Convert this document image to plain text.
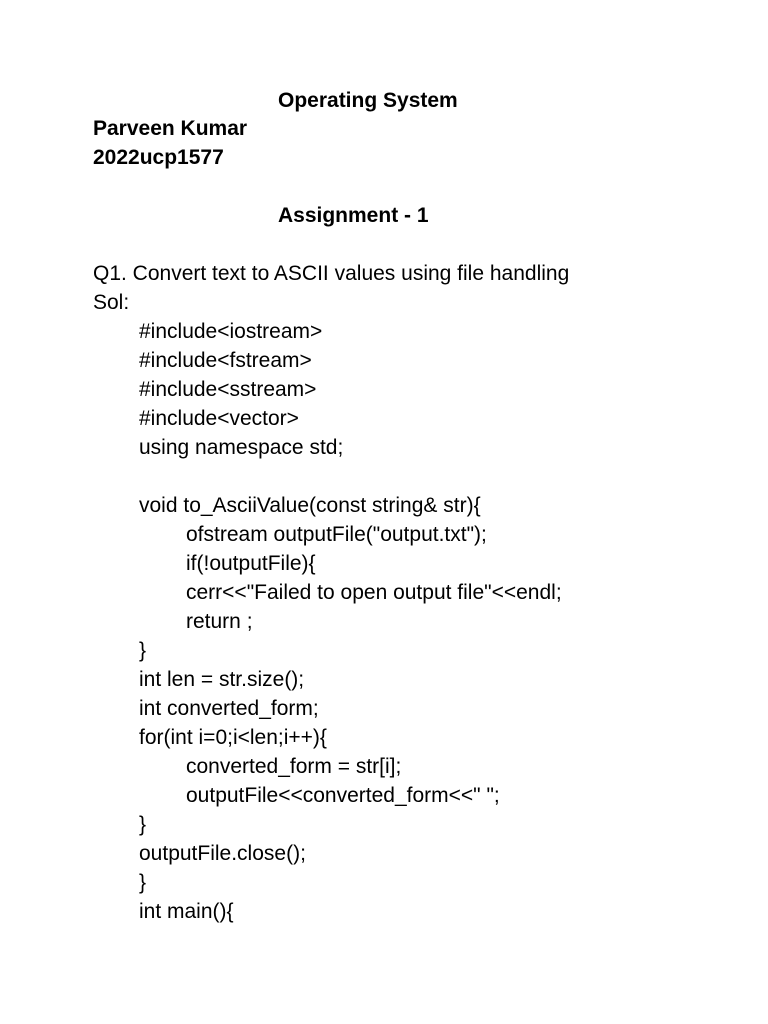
Operating System
Parveen Kumar
2022ucp1577
Assignment - 1
Q1. Convert text to ASCII values using file handling
Sol:
#include<iostream>
#include<fstream>
#include<sstream>
#include<vector>
using namespace std;
void to_AsciiValue(const string& str){
ofstream outputFile("output.txt");
if(!outputFile){
cerr<<"Failed to open output file"<<endl;
return ;
}
int len = str.size();
int converted_form;
for(int i=0;i<len;i++){
converted_form = str[i];
outputFile<<converted_form<<" ";
}
outputFile.close();
}
int main(){
